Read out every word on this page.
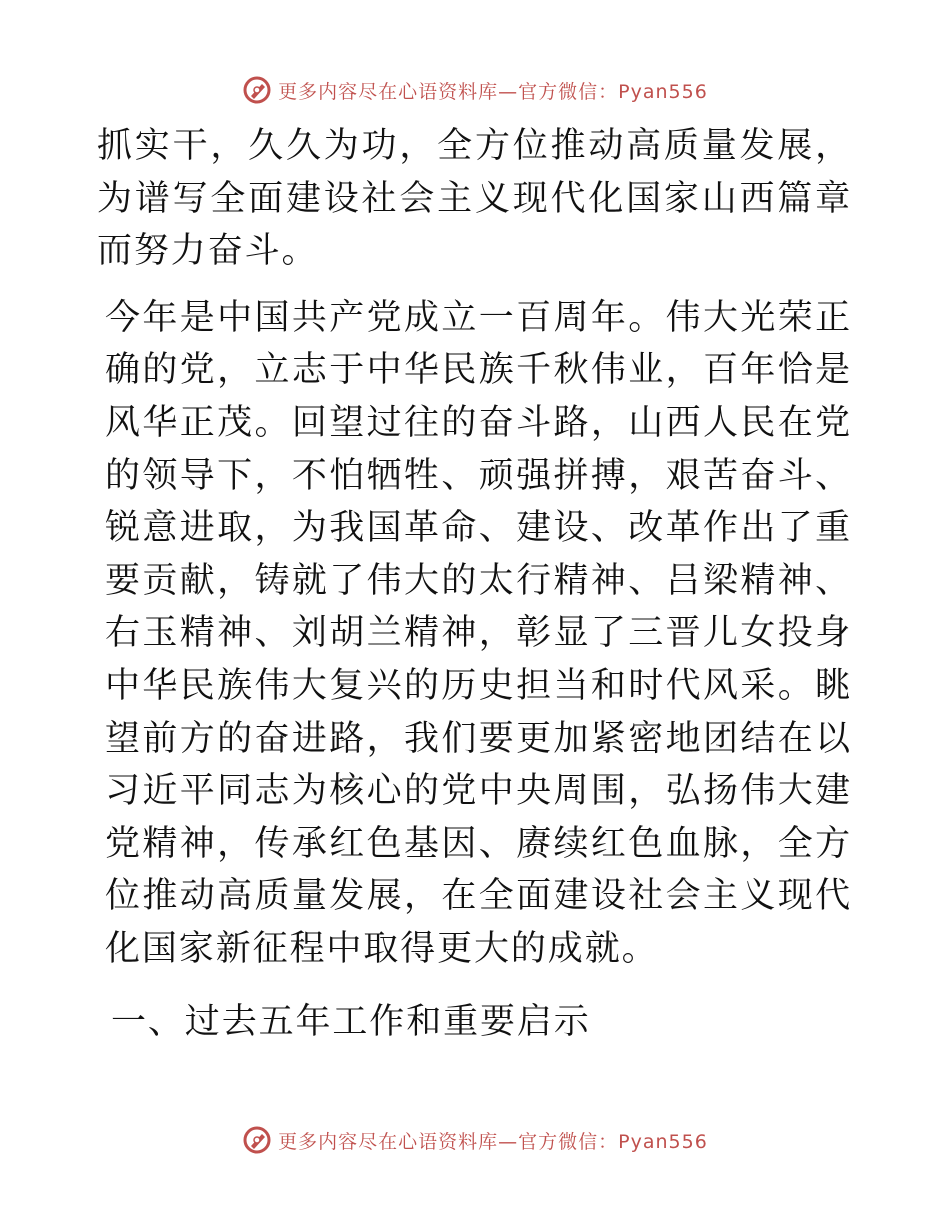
更多内容尽在心语资料库—官方微信：Pyan556

抓实干，久久为功，全方位推动高质量发展，为谱写全面建设社会主义现代化国家山西篇章而努力奋斗。

今年是中国共产党成立一百周年。伟大光荣正确的党，立志于中华民族千秋伟业，百年恰是风华正茂。回望过往的奋斗路，山西人民在党的领导下，不怕牺牲、顽强拼搏，艰苦奋斗、锐意进取，为我国革命、建设、改革作出了重要贡献，铸就了伟大的太行精神、吕梁精神、右玉精神、刘胡兰精神，彰显了三晋儿女投身中华民族伟大复兴的历史担当和时代风采。眺望前方的奋进路，我们要更加紧密地团结在以习近平同志为核心的党中央周围，弘扬伟大建党精神，传承红色基因、赓续红色血脉，全方位推动高质量发展，在全面建设社会主义现代化国家新征程中取得更大的成就。

一、过去五年工作和重要启示

更多内容尽在心语资料库—官方微信：Pyan556
